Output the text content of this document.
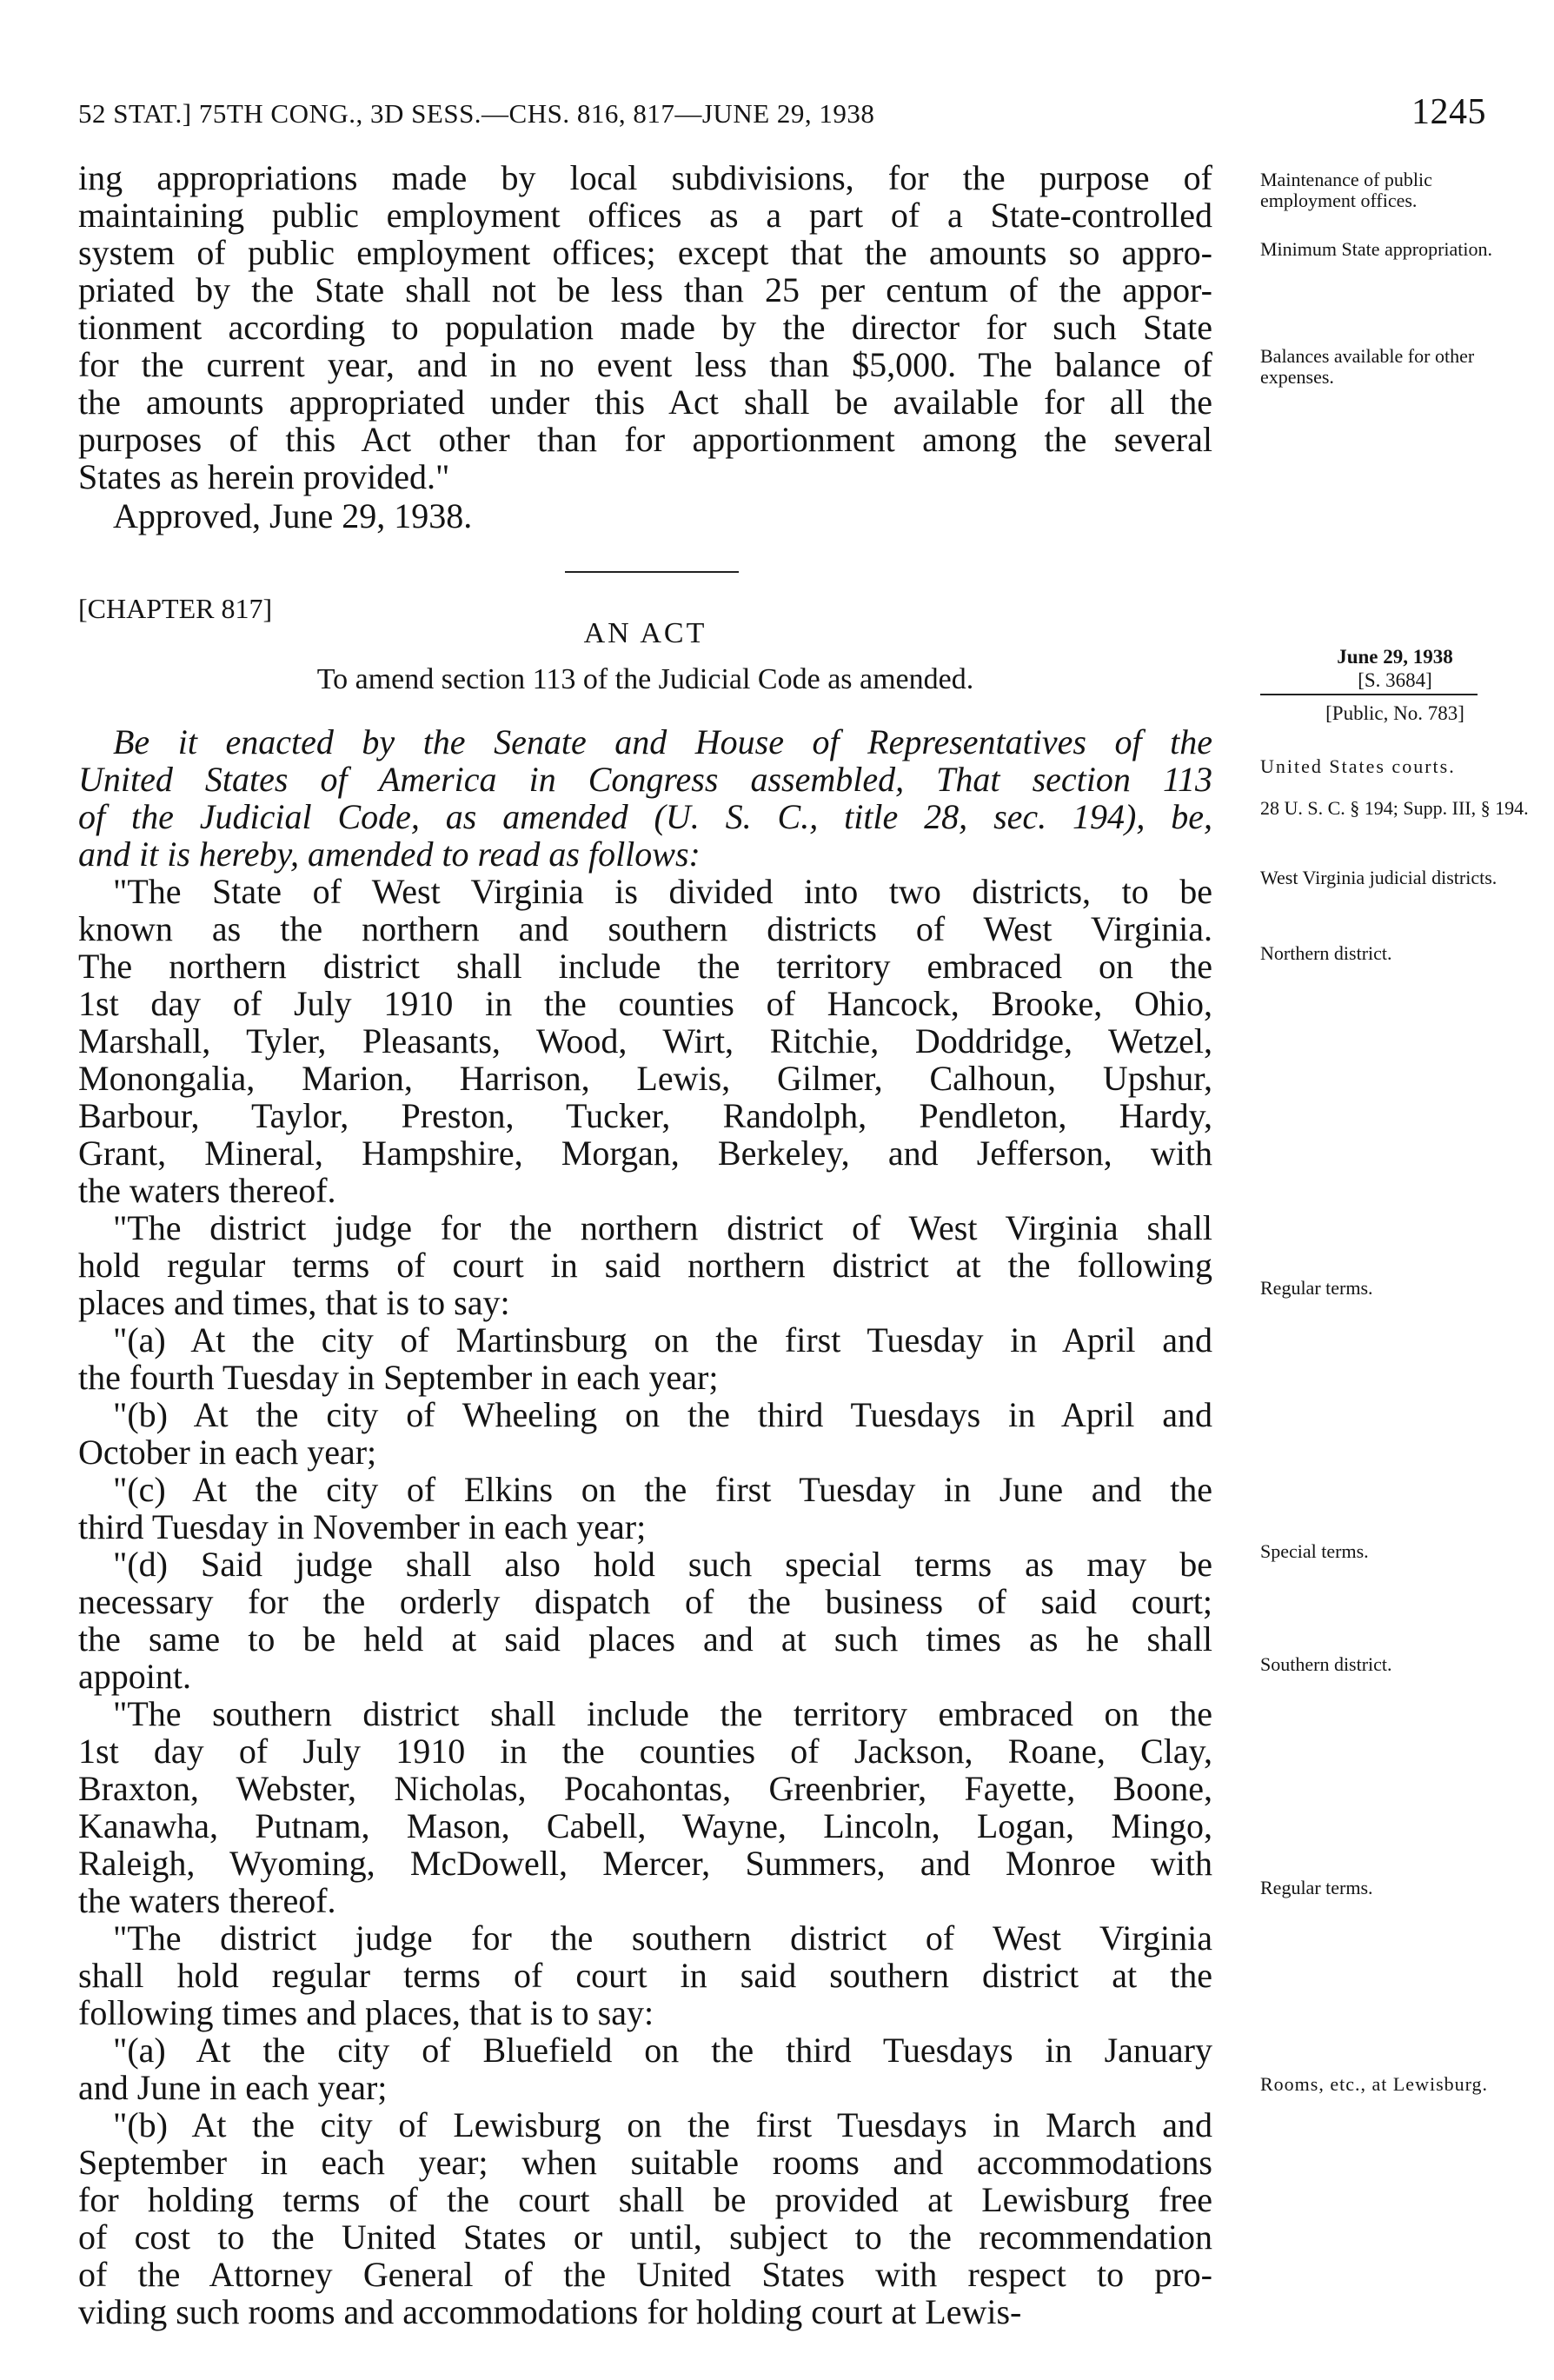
52 STAT.] 75TH CONG., 3D SESS.—CHS. 816, 817—JUNE 29, 1938	1245

ing appropriations made by local subdivisions, for the purpose of
maintaining public employment offices as a part of a State-controlled
system of public employment offices; except that the amounts so appro-
priated by the State shall not be less than 25 per centum of the appor-
tionment according to population made by the director for such State
for the current year, and in no event less than $5,000. The balance of
the amounts appropriated under this Act shall be available for all the
purposes of this Act other than for apportionment among the several
States as herein provided."

Approved, June 29, 1938.

Maintenance of public employment offices.
Minimum State appropriation.
Balances available for other expenses.
[CHAPTER 817]
AN ACT
To amend section 113 of the Judicial Code as amended.
June 29, 1938
[S. 3684]
[Public, No. 783]

Be it enacted by the Senate and House of Representatives of the
United States of America in Congress assembled, That section 113
of the Judicial Code, as amended (U. S. C., title 28, sec. 194), be,
and it is hereby, amended to read as follows:

"The State of West Virginia is divided into two districts, to be
known as the northern and southern districts of West Virginia.
The northern district shall include the territory embraced on the
1st day of July 1910 in the counties of Hancock, Brooke, Ohio,
Marshall, Tyler, Pleasants, Wood, Wirt, Ritchie, Doddridge, Wetzel,
Monongalia, Marion, Harrison, Lewis, Gilmer, Calhoun, Upshur,
Barbour, Taylor, Preston, Tucker, Randolph, Pendleton, Hardy,
Grant, Mineral, Hampshire, Morgan, Berkeley, and Jefferson, with
the waters thereof.

"The district judge for the northern district of West Virginia shall
hold regular terms of court in said northern district at the following
places and times, that is to say:

"(a) At the city of Martinsburg on the first Tuesday in April and
the fourth Tuesday in September in each year;

"(b) At the city of Wheeling on the third Tuesdays in April and
October in each year;

"(c) At the city of Elkins on the first Tuesday in June and the
third Tuesday in November in each year;

"(d) Said judge shall also hold such special terms as may be
necessary for the orderly dispatch of the business of said court;
the same to be held at said places and at such times as he shall
appoint.

"The southern district shall include the territory embraced on the
1st day of July 1910 in the counties of Jackson, Roane, Clay,
Braxton, Webster, Nicholas, Pocahontas, Greenbrier, Fayette, Boone,
Kanawha, Putnam, Mason, Cabell, Wayne, Lincoln, Logan, Mingo,
Raleigh, Wyoming, McDowell, Mercer, Summers, and Monroe with
the waters thereof.

"The district judge for the southern district of West Virginia
shall hold regular terms of court in said southern district at the
following times and places, that is to say:

"(a) At the city of Bluefield on the third Tuesdays in January
and June in each year;

"(b) At the city of Lewisburg on the first Tuesdays in March and
September in each year; when suitable rooms and accommodations
for holding terms of the court shall be provided at Lewisburg free
of cost to the United States or until, subject to the recommendation
of the Attorney General of the United States with respect to pro-
viding such rooms and accommodations for holding court at Lewis-

United States courts.
28 U. S. C. § 194; Supp. III, § 194.
West Virginia judicial districts.
Northern district.
Regular terms.
Special terms.
Southern district.
Regular terms.
Rooms, etc., at Lewisburg.
